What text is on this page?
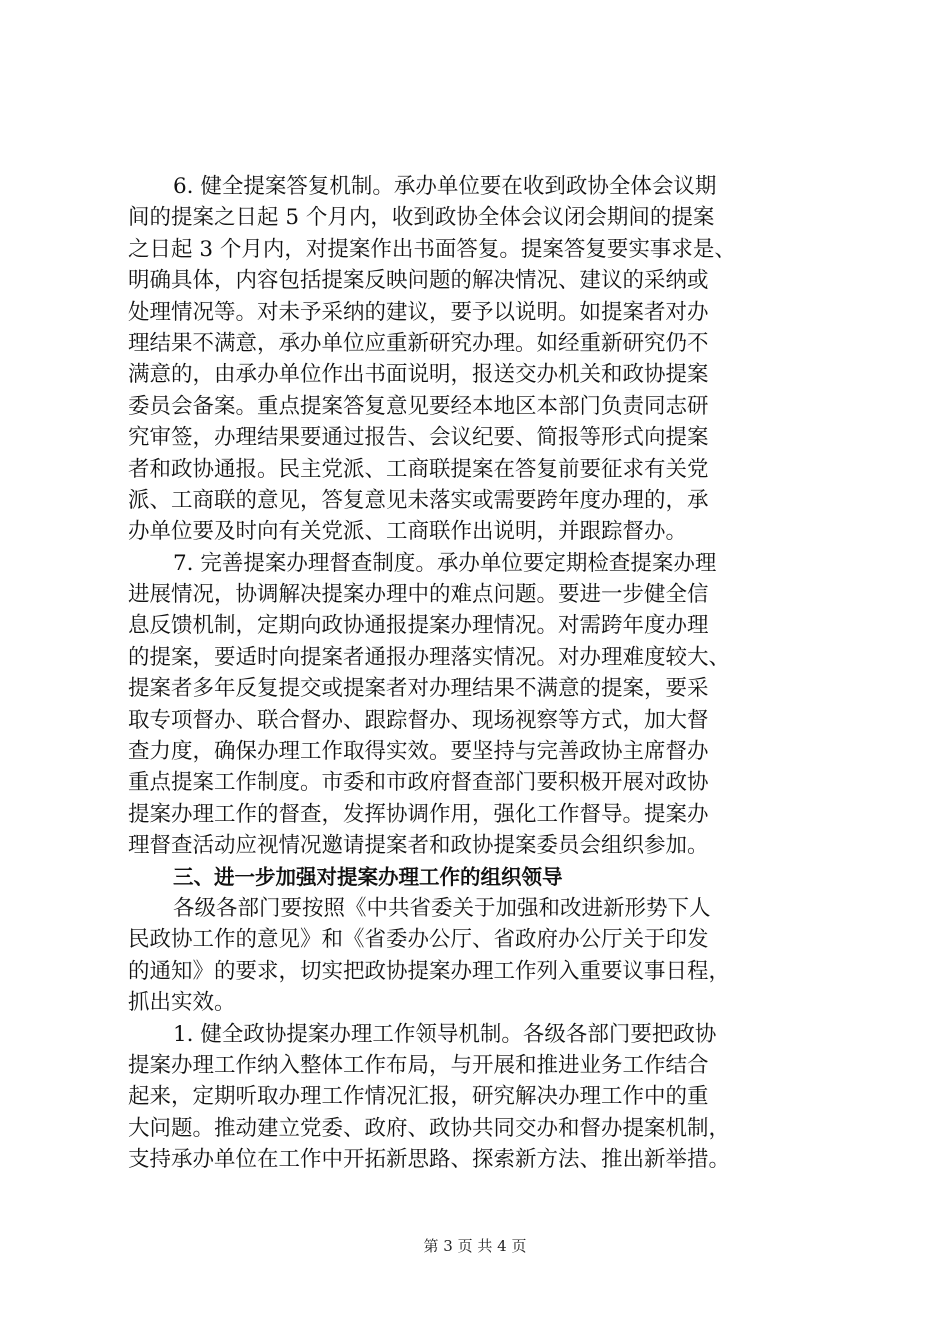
6. 健全提案答复机制。承办单位要在收到政协全体会议期
间的提案之日起 5 个月内，收到政协全体会议闭会期间的提案
之日起 3 个月内，对提案作出书面答复。提案答复要实事求是、
明确具体，内容包括提案反映问题的解决情况、建议的采纳或
处理情况等。对未予采纳的建议，要予以说明。如提案者对办
理结果不满意，承办单位应重新研究办理。如经重新研究仍不
满意的，由承办单位作出书面说明，报送交办机关和政协提案
委员会备案。重点提案答复意见要经本地区本部门负责同志研
究审签，办理结果要通过报告、会议纪要、简报等形式向提案
者和政协通报。民主党派、工商联提案在答复前要征求有关党
派、工商联的意见，答复意见未落实或需要跨年度办理的，承
办单位要及时向有关党派、工商联作出说明，并跟踪督办。
7. 完善提案办理督查制度。承办单位要定期检查提案办理
进展情况，协调解决提案办理中的难点问题。要进一步健全信
息反馈机制，定期向政协通报提案办理情况。对需跨年度办理
的提案，要适时向提案者通报办理落实情况。对办理难度较大、
提案者多年反复提交或提案者对办理结果不满意的提案，要采
取专项督办、联合督办、跟踪督办、现场视察等方式，加大督
查力度，确保办理工作取得实效。要坚持与完善政协主席督办
重点提案工作制度。市委和市政府督查部门要积极开展对政协
提案办理工作的督查，发挥协调作用，强化工作督导。提案办
理督查活动应视情况邀请提案者和政协提案委员会组织参加。
三、进一步加强对提案办理工作的组织领导
各级各部门要按照《中共省委关于加强和改进新形势下人
民政协工作的意见》和《省委办公厅、省政府办公厅关于印发
的通知》的要求，切实把政协提案办理工作列入重要议事日程，
抓出实效。
1. 健全政协提案办理工作领导机制。各级各部门要把政协
提案办理工作纳入整体工作布局，与开展和推进业务工作结合
起来，定期听取办理工作情况汇报，研究解决办理工作中的重
大问题。推动建立党委、政府、政协共同交办和督办提案机制，
支持承办单位在工作中开拓新思路、探索新方法、推出新举措。
第 3 页 共 4 页
